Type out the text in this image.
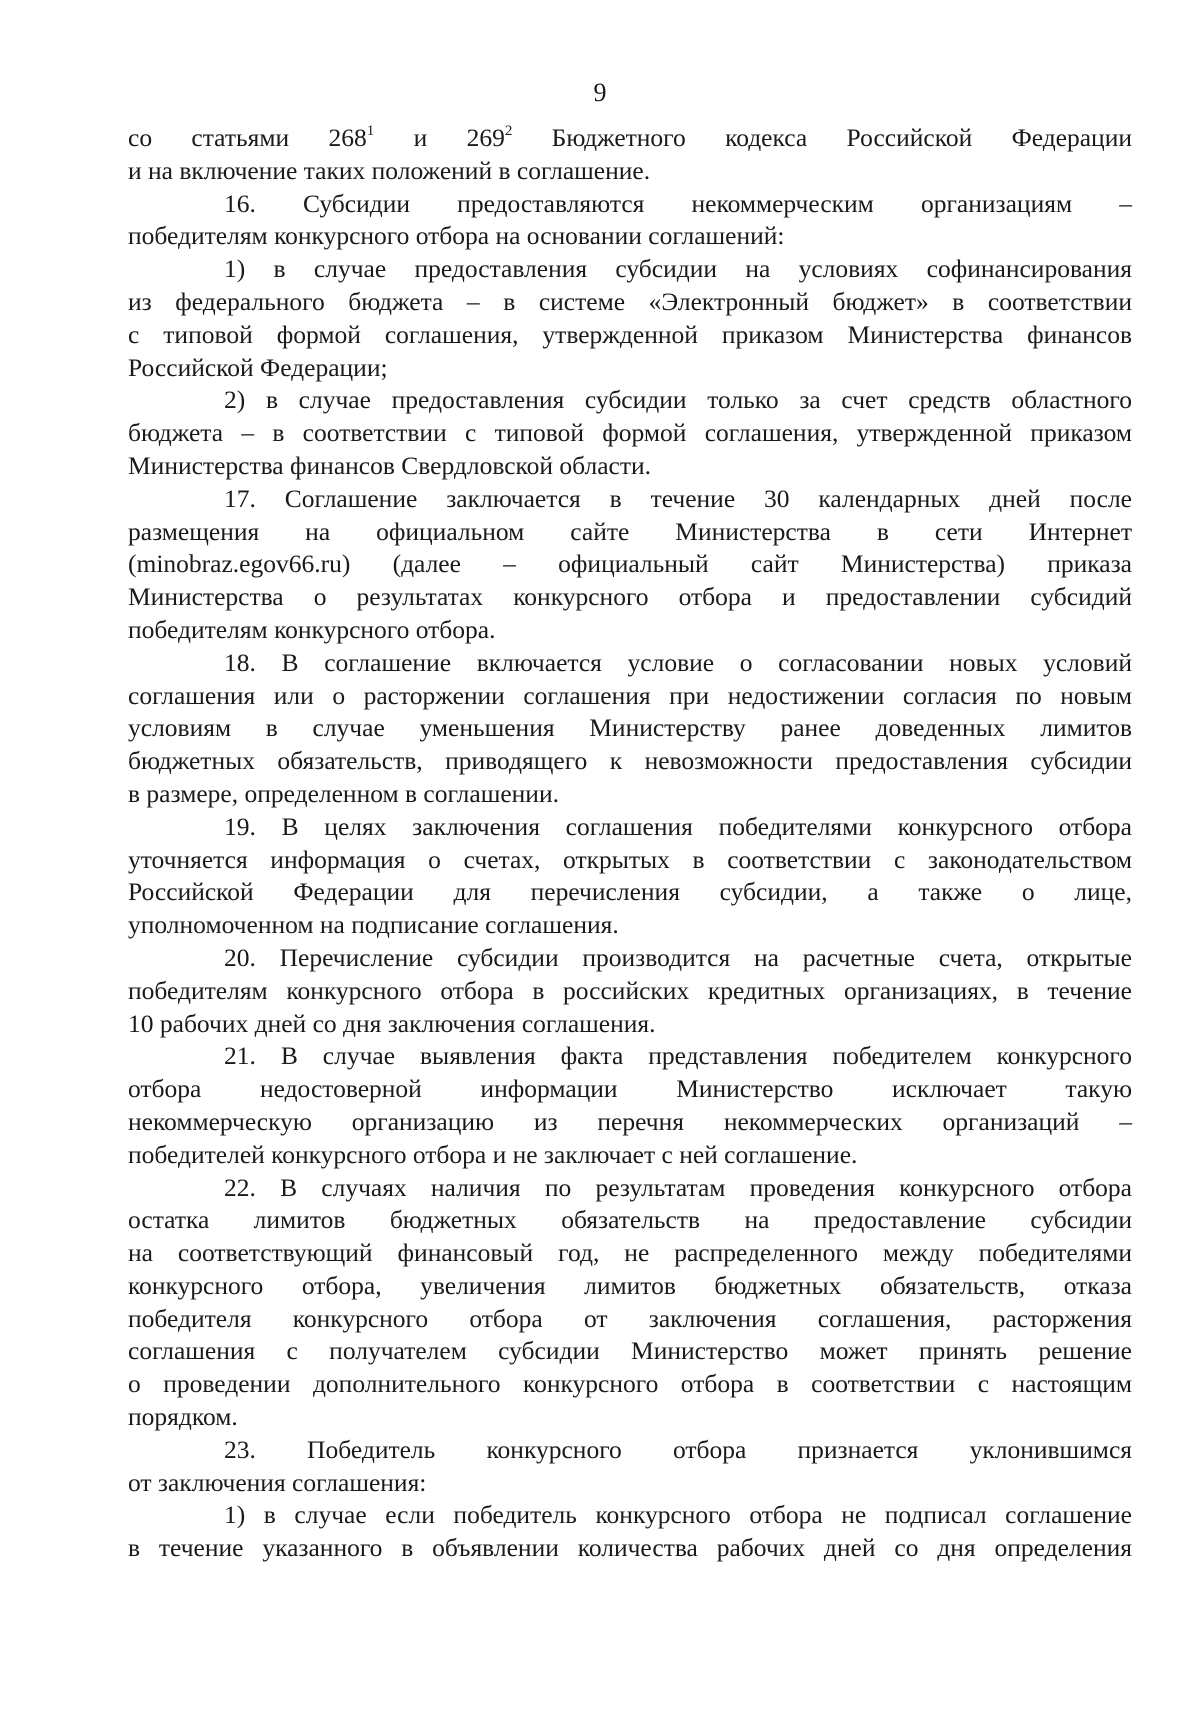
9
со статьями $268^1$ и $269^2$ Бюджетного кодекса Российской Федерации
и на включение таких положений в соглашение.
16. Субсидии предоставляются некоммерческим организациям –
победителям конкурсного отбора на основании соглашений:
1) в случае предоставления субсидии на условиях софинансирования
из федерального бюджета – в системе «Электронный бюджет» в соответствии
с типовой формой соглашения, утвержденной приказом Министерства финансов
Российской Федерации;
2) в случае предоставления субсидии только за счет средств областного
бюджета – в соответствии с типовой формой соглашения, утвержденной приказом
Министерства финансов Свердловской области.
17. Соглашение заключается в течение 30 календарных дней после
размещения на официальном сайте Министерства в сети Интернет
(minobraz.egov66.ru) (далее – официальный сайт Министерства) приказа
Министерства о результатах конкурсного отбора и предоставлении субсидий
победителям конкурсного отбора.
18. В соглашение включается условие о согласовании новых условий
соглашения или о расторжении соглашения при недостижении согласия по новым
условиям в случае уменьшения Министерству ранее доведенных лимитов
бюджетных обязательств, приводящего к невозможности предоставления субсидии
в размере, определенном в соглашении.
19. В целях заключения соглашения победителями конкурсного отбора
уточняется информация о счетах, открытых в соответствии с законодательством
Российской Федерации для перечисления субсидии, а также о лице,
уполномоченном на подписание соглашения.
20. Перечисление субсидии производится на расчетные счета, открытые
победителям конкурсного отбора в российских кредитных организациях, в течение
10 рабочих дней со дня заключения соглашения.
21. В случае выявления факта представления победителем конкурсного
отбора недостоверной информации Министерство исключает такую
некоммерческую организацию из перечня некоммерческих организаций –
победителей конкурсного отбора и не заключает с ней соглашение.
22. В случаях наличия по результатам проведения конкурсного отбора
остатка лимитов бюджетных обязательств на предоставление субсидии
на соответствующий финансовый год, не распределенного между победителями
конкурсного отбора, увеличения лимитов бюджетных обязательств, отказа
победителя конкурсного отбора от заключения соглашения, расторжения
соглашения с получателем субсидии Министерство может принять решение
о проведении дополнительного конкурсного отбора в соответствии с настоящим
порядком.
23. Победитель конкурсного отбора признается уклонившимся
от заключения соглашения:
1) в случае если победитель конкурсного отбора не подписал соглашение
в течение указанного в объявлении количества рабочих дней со дня определения
